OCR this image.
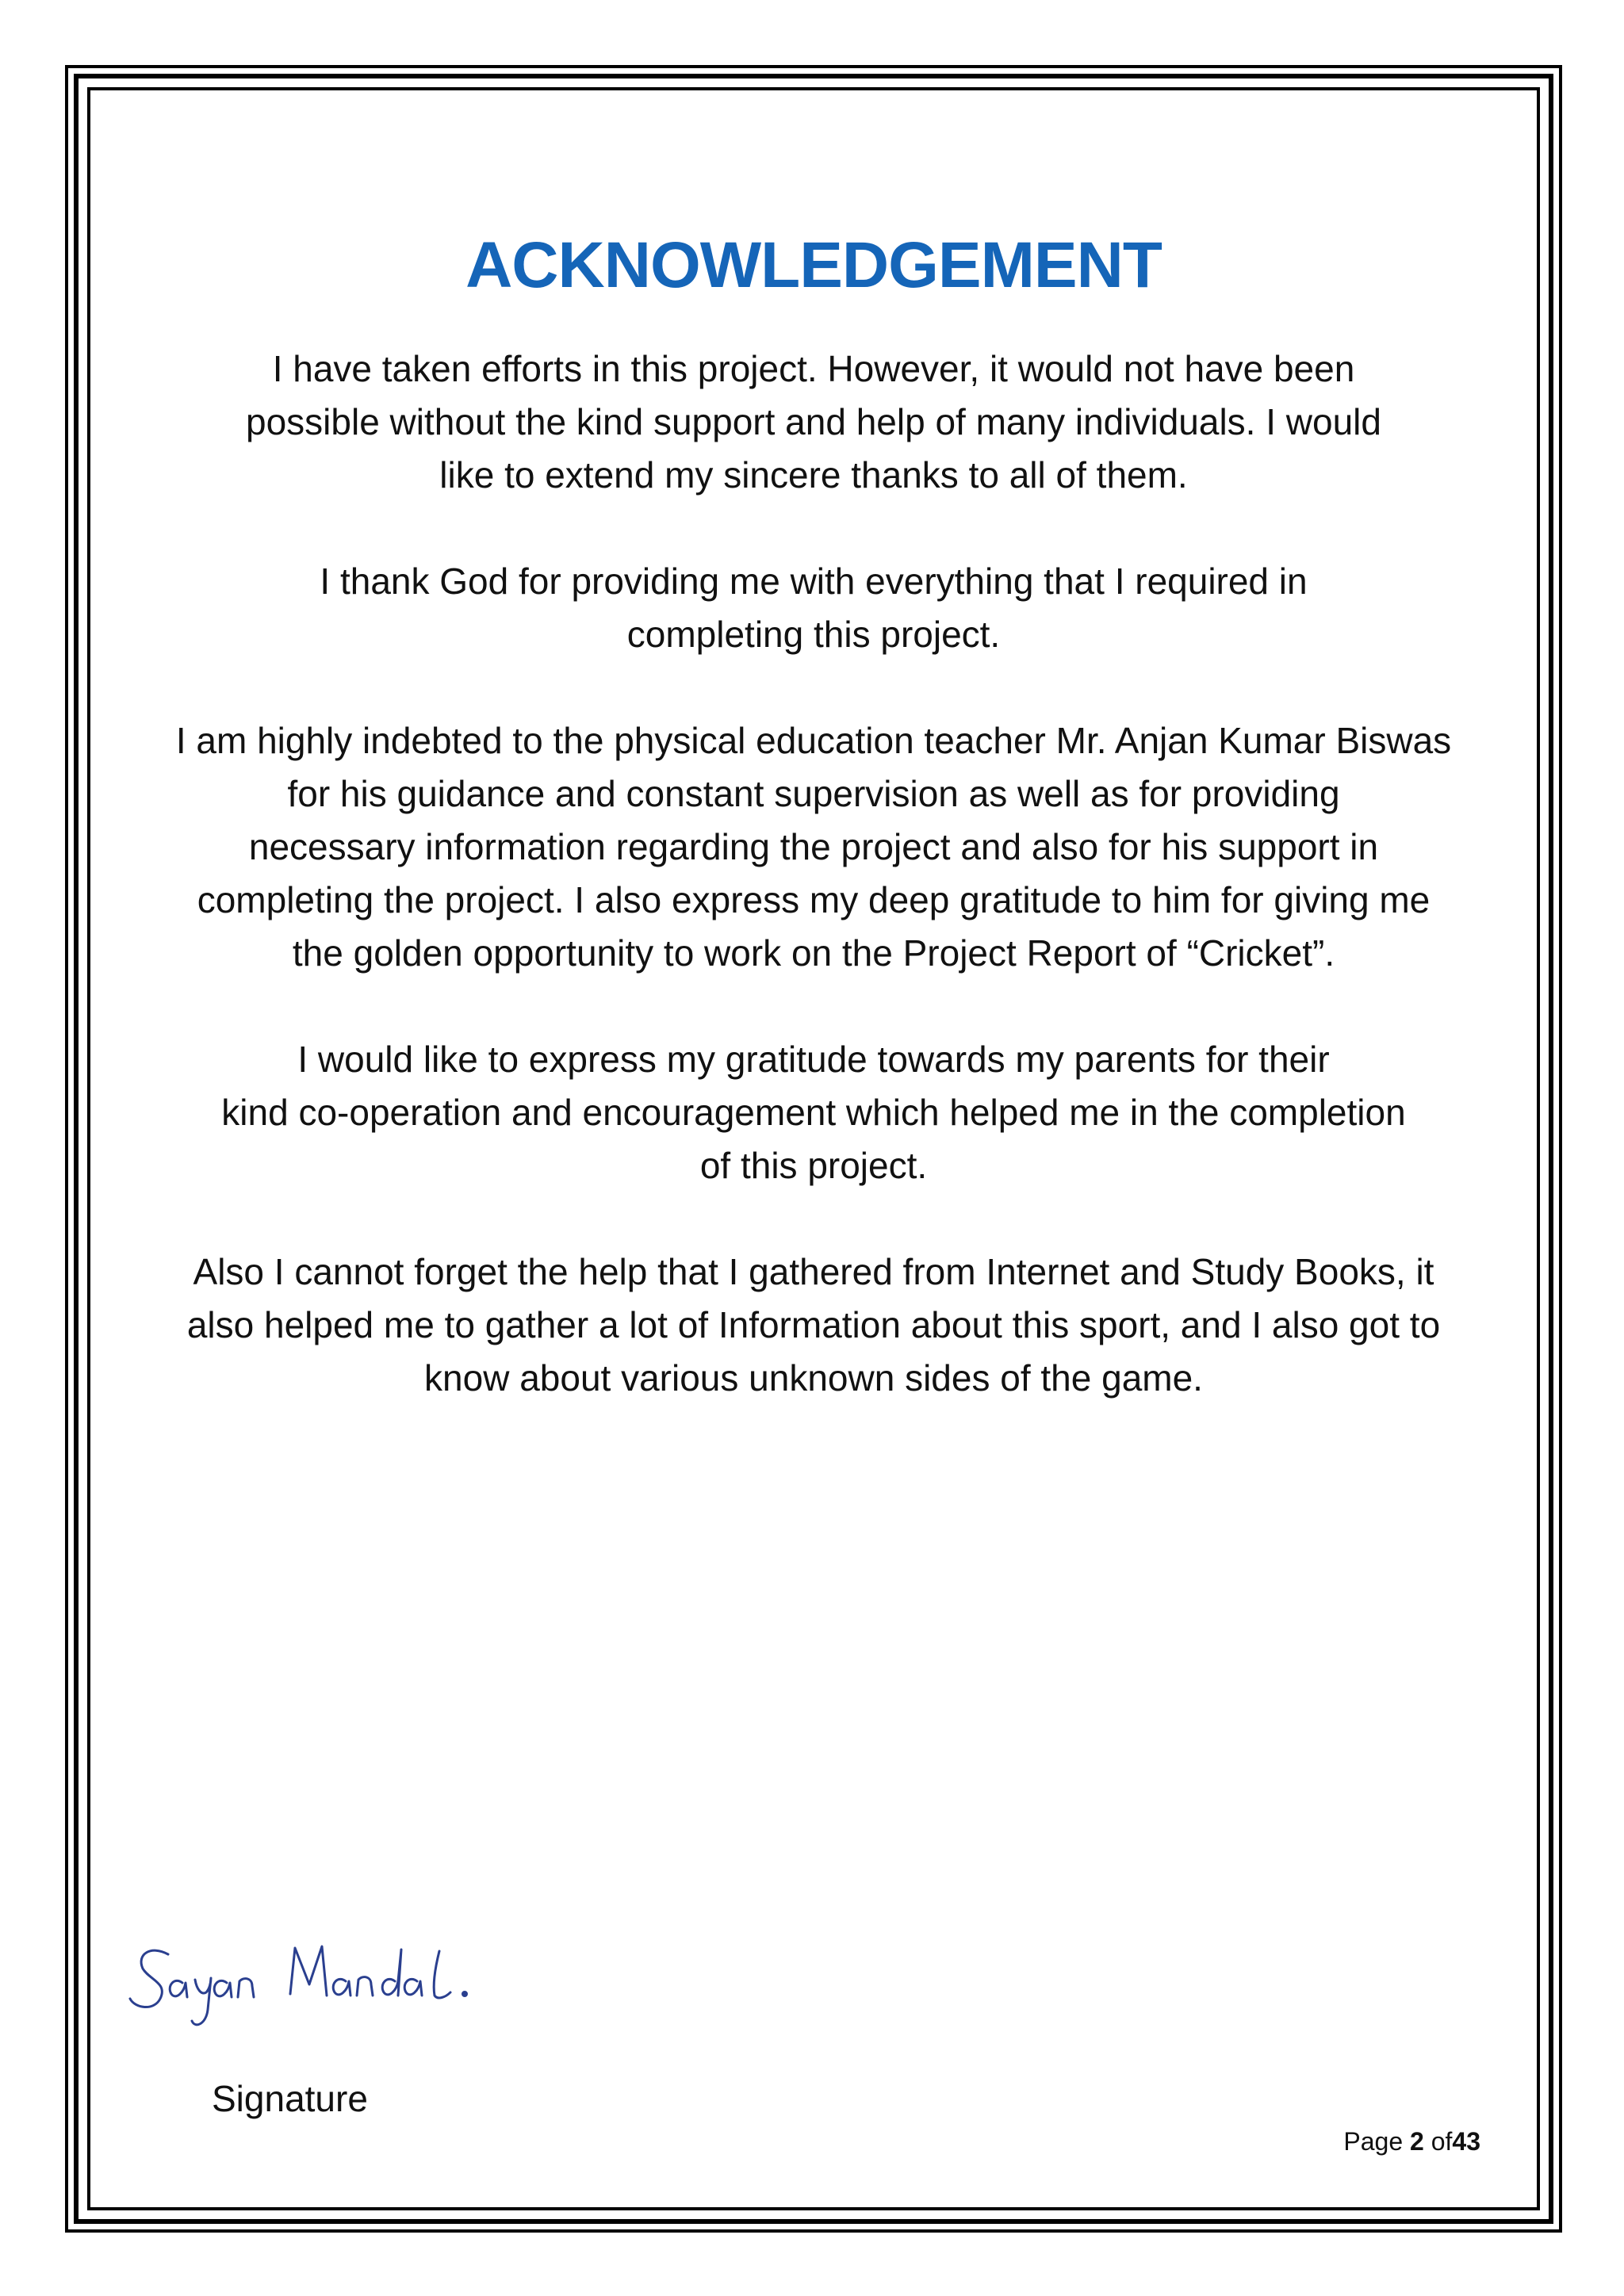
ACKNOWLEDGEMENT

I have taken efforts in this project. However, it would not have been
possible without the kind support and help of many individuals. I would
like to extend my sincere thanks to all of them.

I thank God for providing me with everything that I required in
completing this project.

I am highly indebted to the physical education teacher Mr. Anjan Kumar Biswas
for his guidance and constant supervision as well as for providing
necessary information regarding the project and also for his support in
completing the project. I also express my deep gratitude to him for giving me
the golden opportunity to work on the Project Report of “Cricket”.

I would like to express my gratitude towards my parents for their
kind co-operation and encouragement which helped me in the completion
of this project.

Also I cannot forget the help that I gathered from Internet and Study Books, it
also helped me to gather a lot of Information about this sport, and I also got to
know about various unknown sides of the game.

Signature
Page 2 of43
